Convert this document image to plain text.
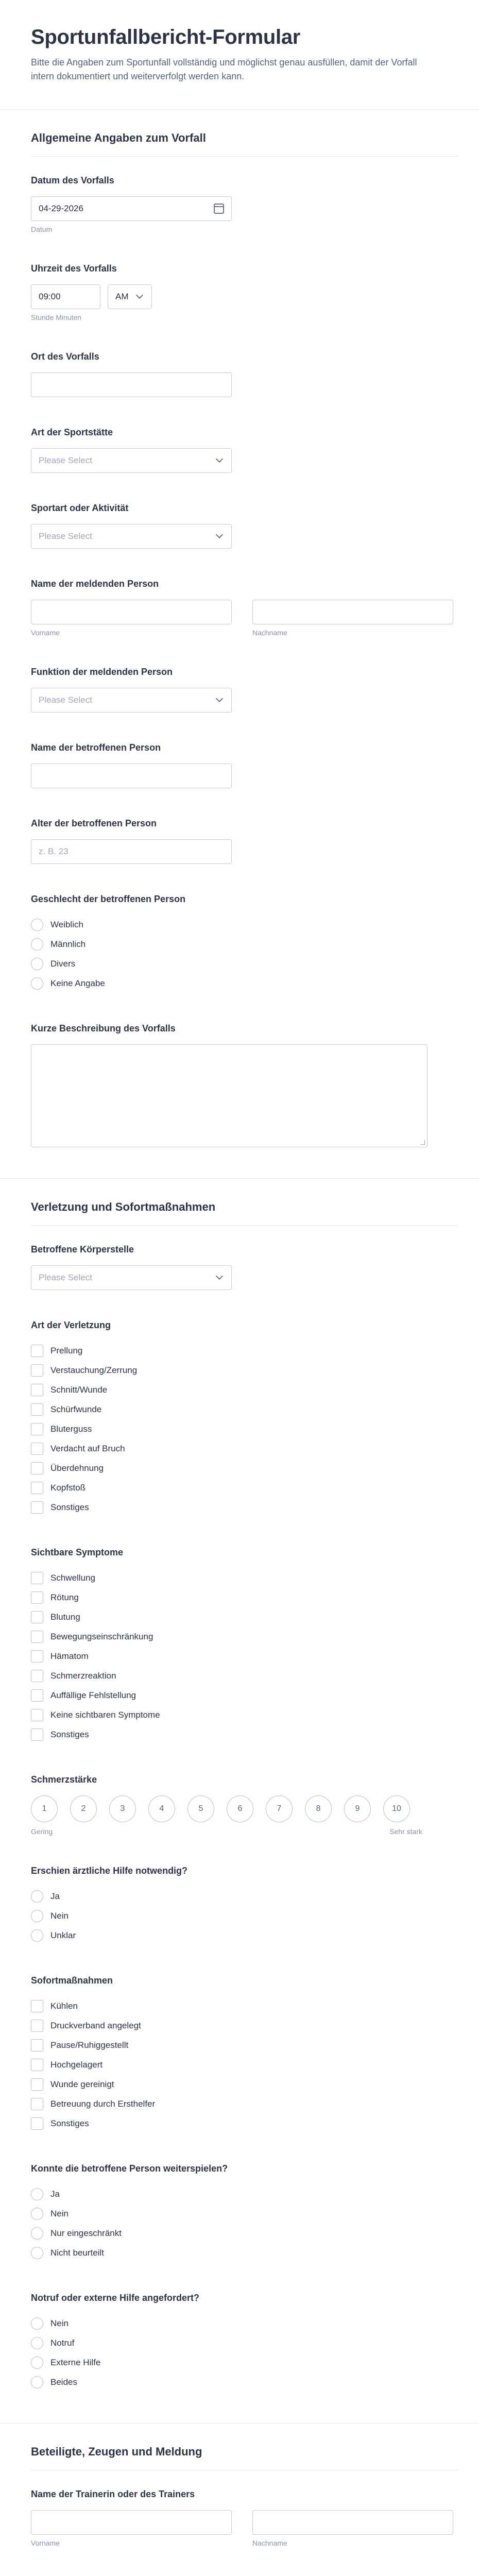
Sportunfallbericht-Formular

Bitte die Angaben zum Sportunfall vollständig und möglichst genau ausfüllen, damit der Vorfall intern dokumentiert und weiterverfolgt werden kann.

Allgemeine Angaben zum Vorfall
Datum des Vorfalls
04-29-2026
Datum
Uhrzeit des Vorfalls
09:00	AM
Stunde Minuten
Ort des Vorfalls
Art der Sportstätte
Please Select
Sportart oder Aktivität
Please Select
Name der meldenden Person
Vorname	Nachname
Funktion der meldenden Person
Please Select
Name der betroffenen Person
Alter der betroffenen Person
z. B. 23
Geschlecht der betroffenen Person
Weiblich
Männlich
Divers
Keine Angabe
Kurze Beschreibung des Vorfalls
Verletzung und Sofortmaßnahmen
Betroffene Körperstelle
Please Select
Art der Verletzung
Prellung
Verstauchung/Zerrung
Schnitt/Wunde
Schürfwunde
Bluterguss
Verdacht auf Bruch
Überdehnung
Kopfstoß
Sonstiges
Sichtbare Symptome
Schwellung
Rötung
Blutung
Bewegungseinschränkung
Hämatom
Schmerzreaktion
Auffällige Fehlstellung
Keine sichtbaren Symptome
Sonstiges
Schmerzstärke
1	2	3	4	5	6	7	8	9	10
Gering	Sehr stark
Erschien ärztliche Hilfe notwendig?
Ja
Nein
Unklar
Sofortmaßnahmen
Kühlen
Druckverband angelegt
Pause/Ruhiggestellt
Hochgelagert
Wunde gereinigt
Betreuung durch Ersthelfer
Sonstiges
Konnte die betroffene Person weiterspielen?
Ja
Nein
Nur eingeschränkt
Nicht beurteilt
Notruf oder externe Hilfe angefordert?
Nein
Notruf
Externe Hilfe
Beides
Beteiligte, Zeugen und Meldung
Name der Trainerin oder des Trainers
Vorname	Nachname
